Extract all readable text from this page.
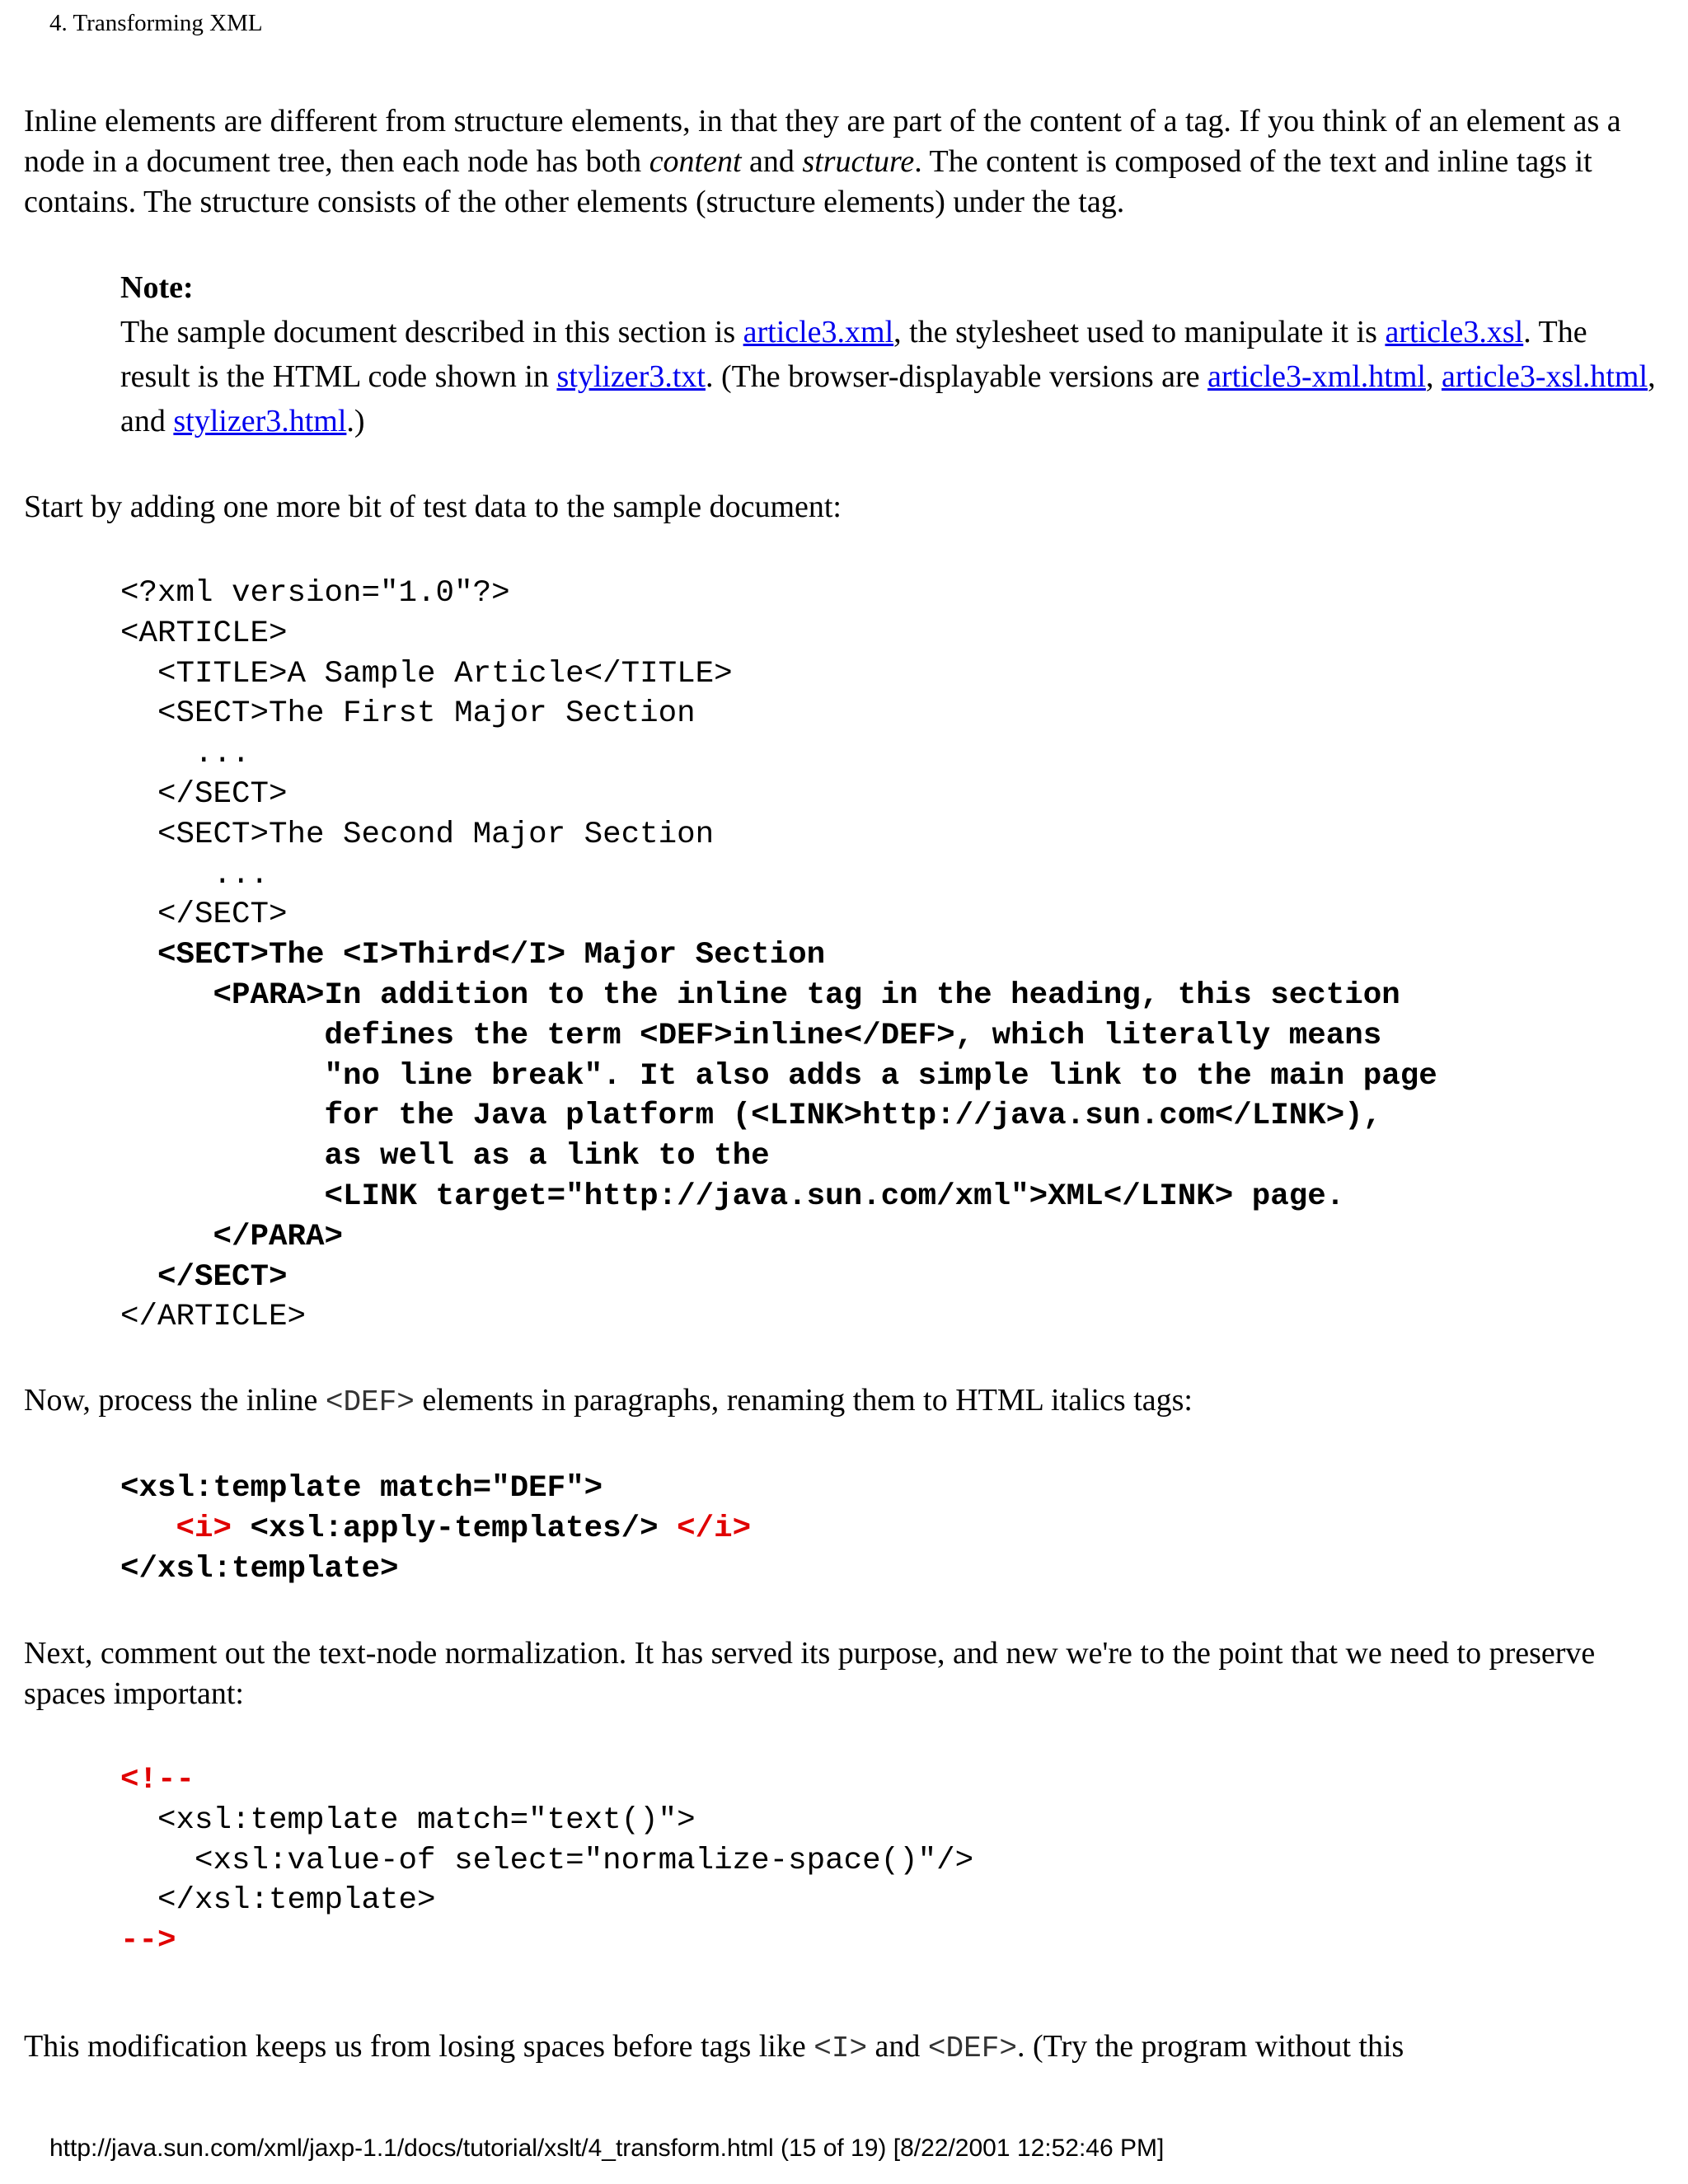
4. Transforming XML
Inline elements are different from structure elements, in that they are part of the content of a tag. If you think of an element as a node in a document tree, then each node has both content and structure. The content is composed of the text and inline tags it contains. The structure consists of the other elements (structure elements) under the tag.
Note:
The sample document described in this section is article3.xml, the stylesheet used to manipulate it is article3.xsl. The result is the HTML code shown in stylizer3.txt. (The browser-displayable versions are article3-xml.html, article3-xsl.html, and stylizer3.html.)
Start by adding one more bit of test data to the sample document:
<?xml version="1.0"?>
<ARTICLE>
<TITLE>A Sample Article</TITLE>
<SECT>The First Major Section
...
</SECT>
<SECT>The Second Major Section
...
</SECT>
<SECT>The <I>Third</I> Major Section
<PARA>In addition to the inline tag in the heading, this section
defines the term <DEF>inline</DEF>, which literally means
"no line break". It also adds a simple link to the main page
for the Java platform (<LINK>http://java.sun.com</LINK>),
as well as a link to the
<LINK target="http://java.sun.com/xml">XML</LINK> page.
</PARA>
</SECT>
</ARTICLE>
Now, process the inline <DEF> elements in paragraphs, renaming them to HTML italics tags:
<xsl:template match="DEF">
<i> <xsl:apply-templates/> </i>
</xsl:template>
Next, comment out the text-node normalization. It has served its purpose, and new we're to the point that we need to preserve spaces important:
<!--
<xsl:template match="text()">
<xsl:value-of select="normalize-space()"/>
</xsl:template>
-->
This modification keeps us from losing spaces before tags like <I> and <DEF>. (Try the program without this
http://java.sun.com/xml/jaxp-1.1/docs/tutorial/xslt/4_transform.html (15 of 19) [8/22/2001 12:52:46 PM]
